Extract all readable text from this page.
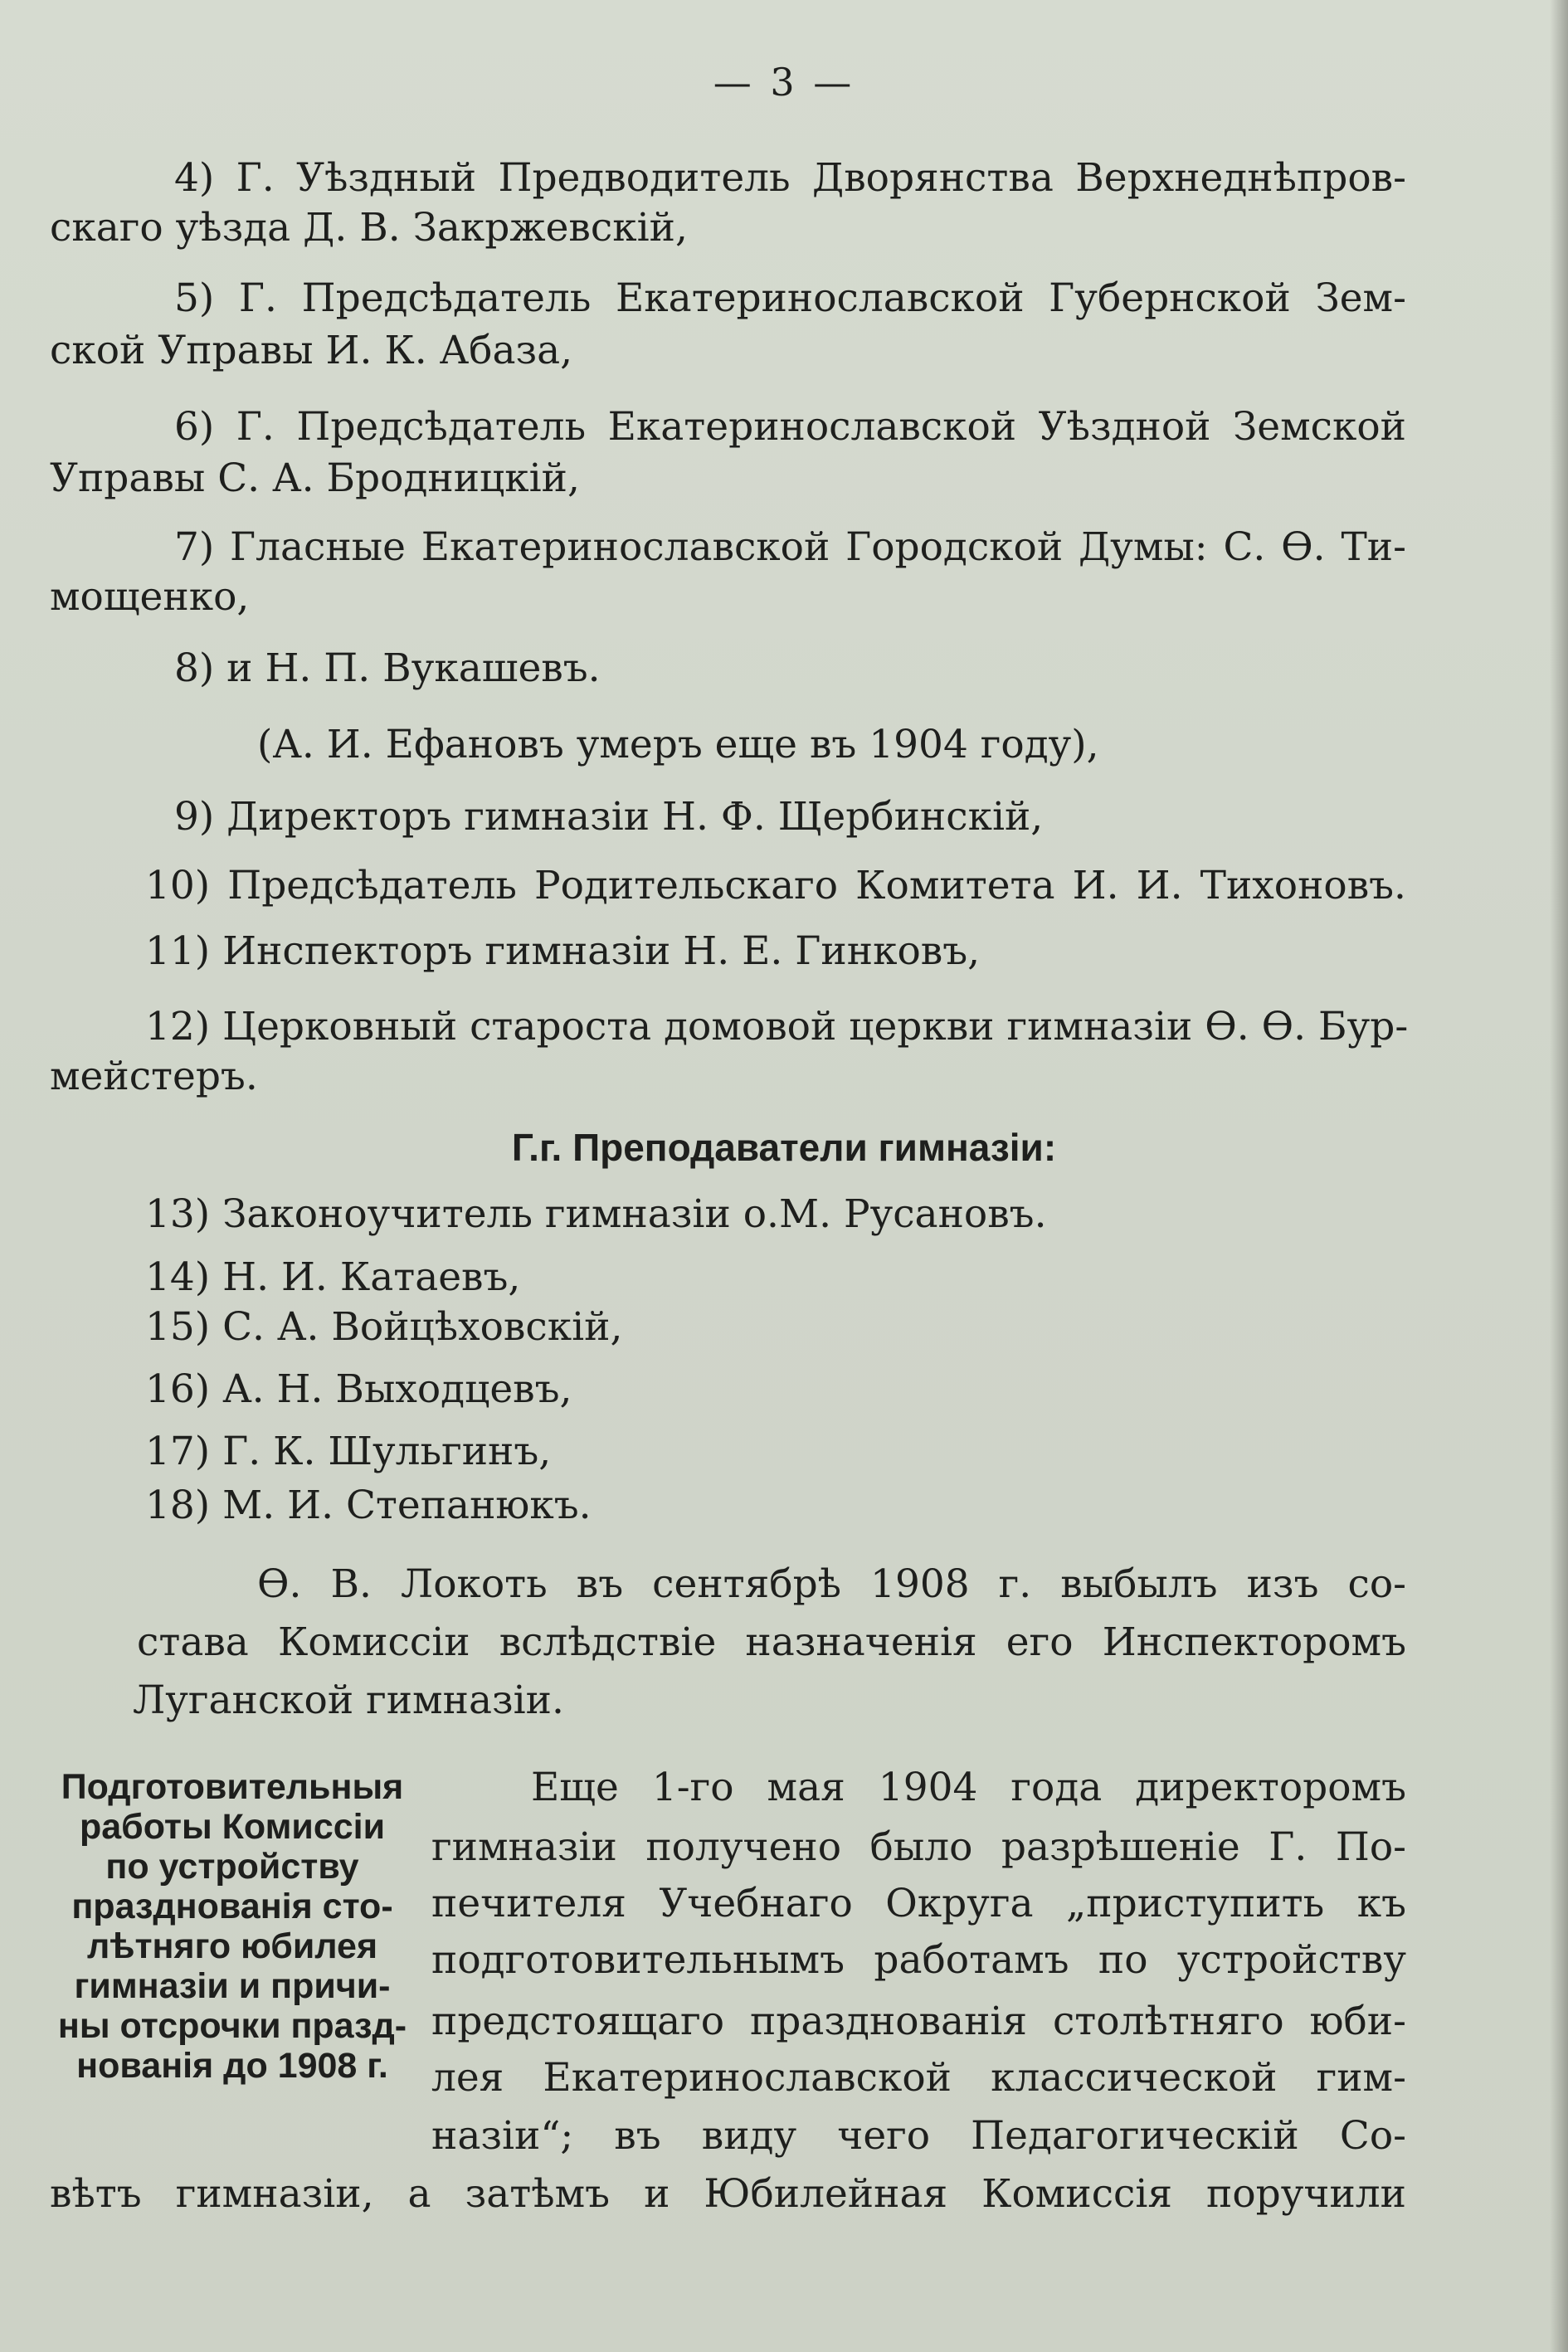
— 3 —
4) Г. Уѣздный Предводитель Дворянства Верхнеднѣпров-
скаго уѣзда Д. В. Закржевскій,
5) Г. Предсѣдатель Екатеринославской Губернской Зем-
ской Управы И. К. Абаза,
6) Г. Предсѣдатель Екатеринославской Уѣздной Земской
Управы С. А. Бродницкій,
7) Гласные Екатеринославской Городской Думы: С. Ѳ. Ти-
мощенко,
8) и Н. П. Вукашевъ.
(А. И. Ефановъ умеръ еще въ 1904 году),
9) Директоръ гимназіи Н. Ф. Щербинскій,
10) Предсѣдатель Родительскаго Комитета И. И. Тихоновъ.
11) Инспекторъ гимназіи Н. Е. Гинковъ,
12) Церковный староста домовой церкви гимназіи Ѳ. Ѳ. Бур-
мейстеръ.
Г.г. Преподаватели гимназіи:
13) Законоучитель гимназіи о.М. Русановъ.
14) Н. И. Катаевъ,
15) С. А. Войцѣховскій,
16) А. Н. Выходцевъ,
17) Г. К. Шульгинъ,
18) М. И. Степанюкъ.
Ѳ. В. Локоть въ сентябрѣ 1908 г. выбылъ изъ со-
става Комиссіи вслѣдствіе назначенія его Инспекторомъ
Луганской гимназіи.
Подготовительныя
работы Комиссіи
по устройству
празднованія сто-
лѣтняго юбилея
гимназіи и причи-
ны отсрочки празд-
нованія до 1908 г.
Еще 1-го мая 1904 года директоромъ
гимназіи получено было разрѣшеніе Г. По-
печителя Учебнаго Округа „приступить къ
подготовительнымъ работамъ по устройству
предстоящаго празднованія столѣтняго юби-
лея Екатеринославской классической гим-
назіи“; въ виду чего Педагогическій Со-
вѣтъ гимназіи, а затѣмъ и Юбилейная Комиссія поручили
